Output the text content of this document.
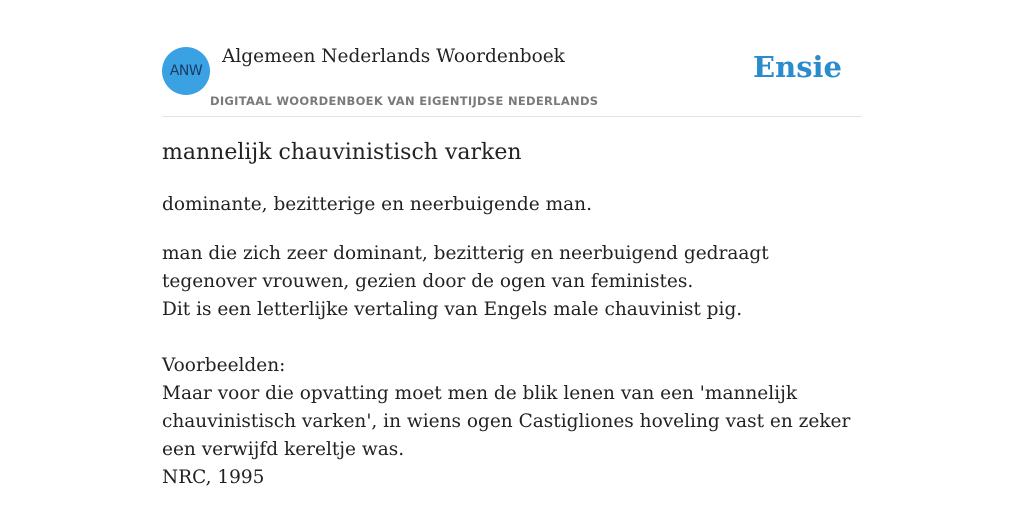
ANW
Algemeen Nederlands Woordenboek
DIGITAAL WOORDENBOEK VAN EIGENTIJDSE NEDERLANDS
Ensie
mannelijk chauvinistisch varken
dominante, bezitterige en neerbuigende man.

man die zich zeer dominant, bezitterig en neerbuigend gedraagt tegenover vrouwen, gezien door de ogen van feministes.

Dit is een letterlijke vertaling van Engels male chauvinist pig.

Voorbeelden:

Maar voor die opvatting moet men de blik lenen van een 'mannelijk chauvinistisch varken', in wiens ogen Castigliones hoveling vast en zeker een verwijfd kereltje was.

NRC, 1995
